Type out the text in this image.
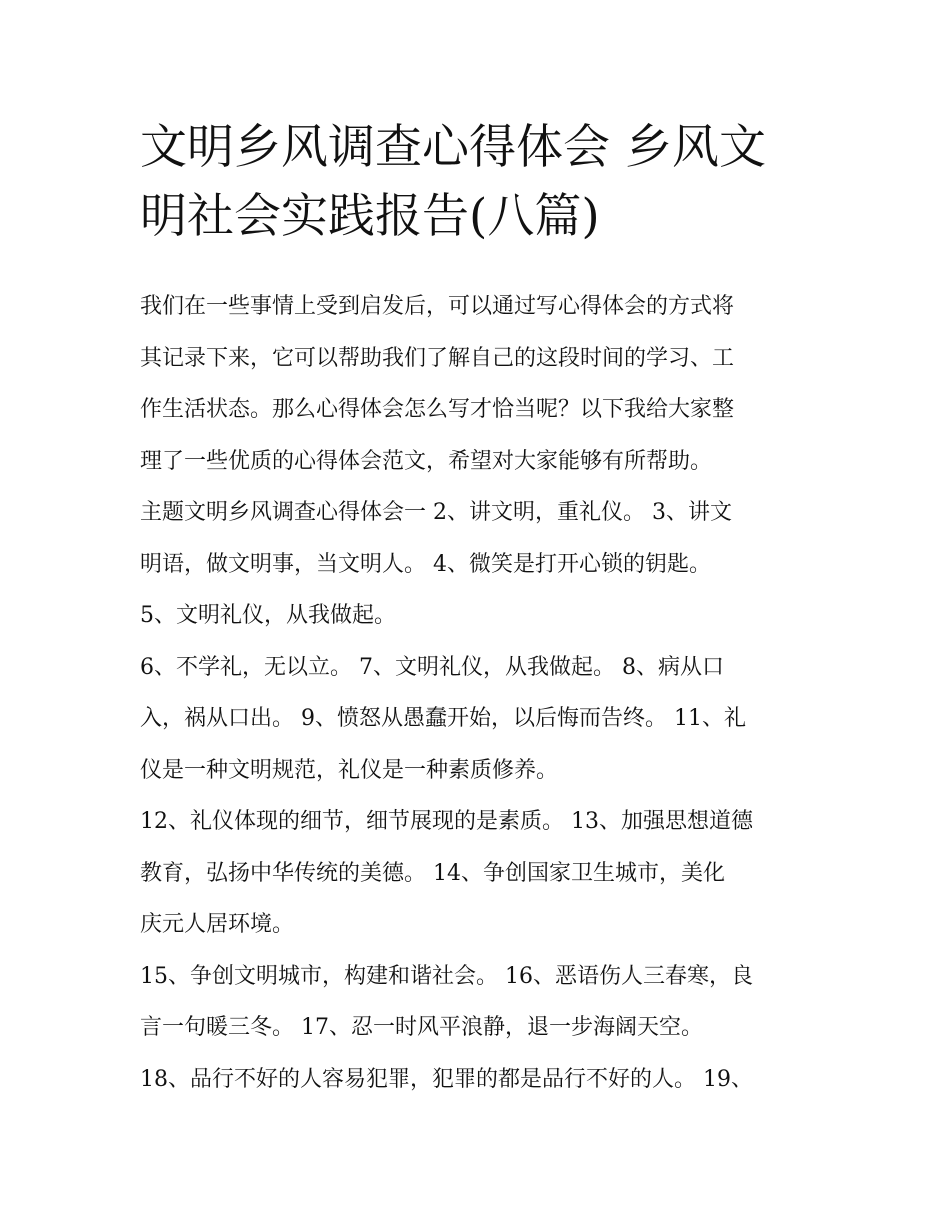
文明乡风调查心得体会 乡风文
明社会实践报告(八篇)
我们在一些事情上受到启发后，可以通过写心得体会的方式将
其记录下来，它可以帮助我们了解自己的这段时间的学习、工
作生活状态。那么心得体会怎么写才恰当呢？以下我给大家整
理了一些优质的心得体会范文，希望对大家能够有所帮助。
主题文明乡风调查心得体会一 2、讲文明，重礼仪。 3、讲文
明语，做文明事，当文明人。 4、微笑是打开心锁的钥匙。
5、文明礼仪，从我做起。
6、不学礼，无以立。 7、文明礼仪，从我做起。 8、病从口
入，祸从口出。 9、愤怒从愚蠢开始，以后悔而告终。 11、礼
仪是一种文明规范，礼仪是一种素质修养。
12、礼仪体现的细节，细节展现的是素质。 13、加强思想道德
教育，弘扬中华传统的美德。 14、争创国家卫生城市，美化
庆元人居环境。
15、争创文明城市，构建和谐社会。 16、恶语伤人三春寒，良
言一句暖三冬。 17、忍一时风平浪静，退一步海阔天空。
18、品行不好的人容易犯罪，犯罪的都是品行不好的人。 19、
